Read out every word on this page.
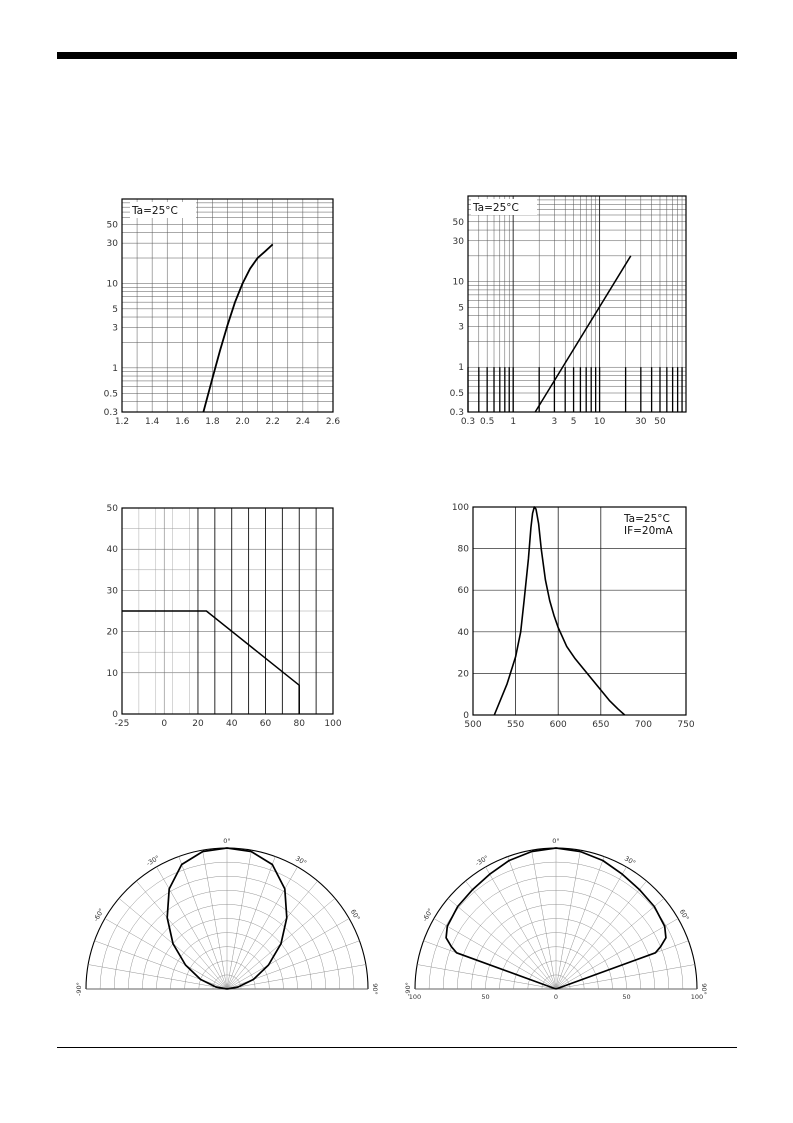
Ta=25°C
1.2 1.4 1.6 1.8 2.0 2.2 2.4 2.6
0.3
0.5
1
3
5
10
30
50
Ta=25°C
0.3 0.5 1	3 5 10	30 50
0.3
0.5
1
3
5
10
30
50
-25	0	20 40 60 80 100
0
10
20
30
40
50
Ta=25°C
IF=20mA
500	550	600	650	700	750
0
20
40
60
80
100
0°
-30°	30°
-60°	60°
-90°	90°
0°
-30°	30°
-60°	60°
-90°	90°
100	50	0	50	100
